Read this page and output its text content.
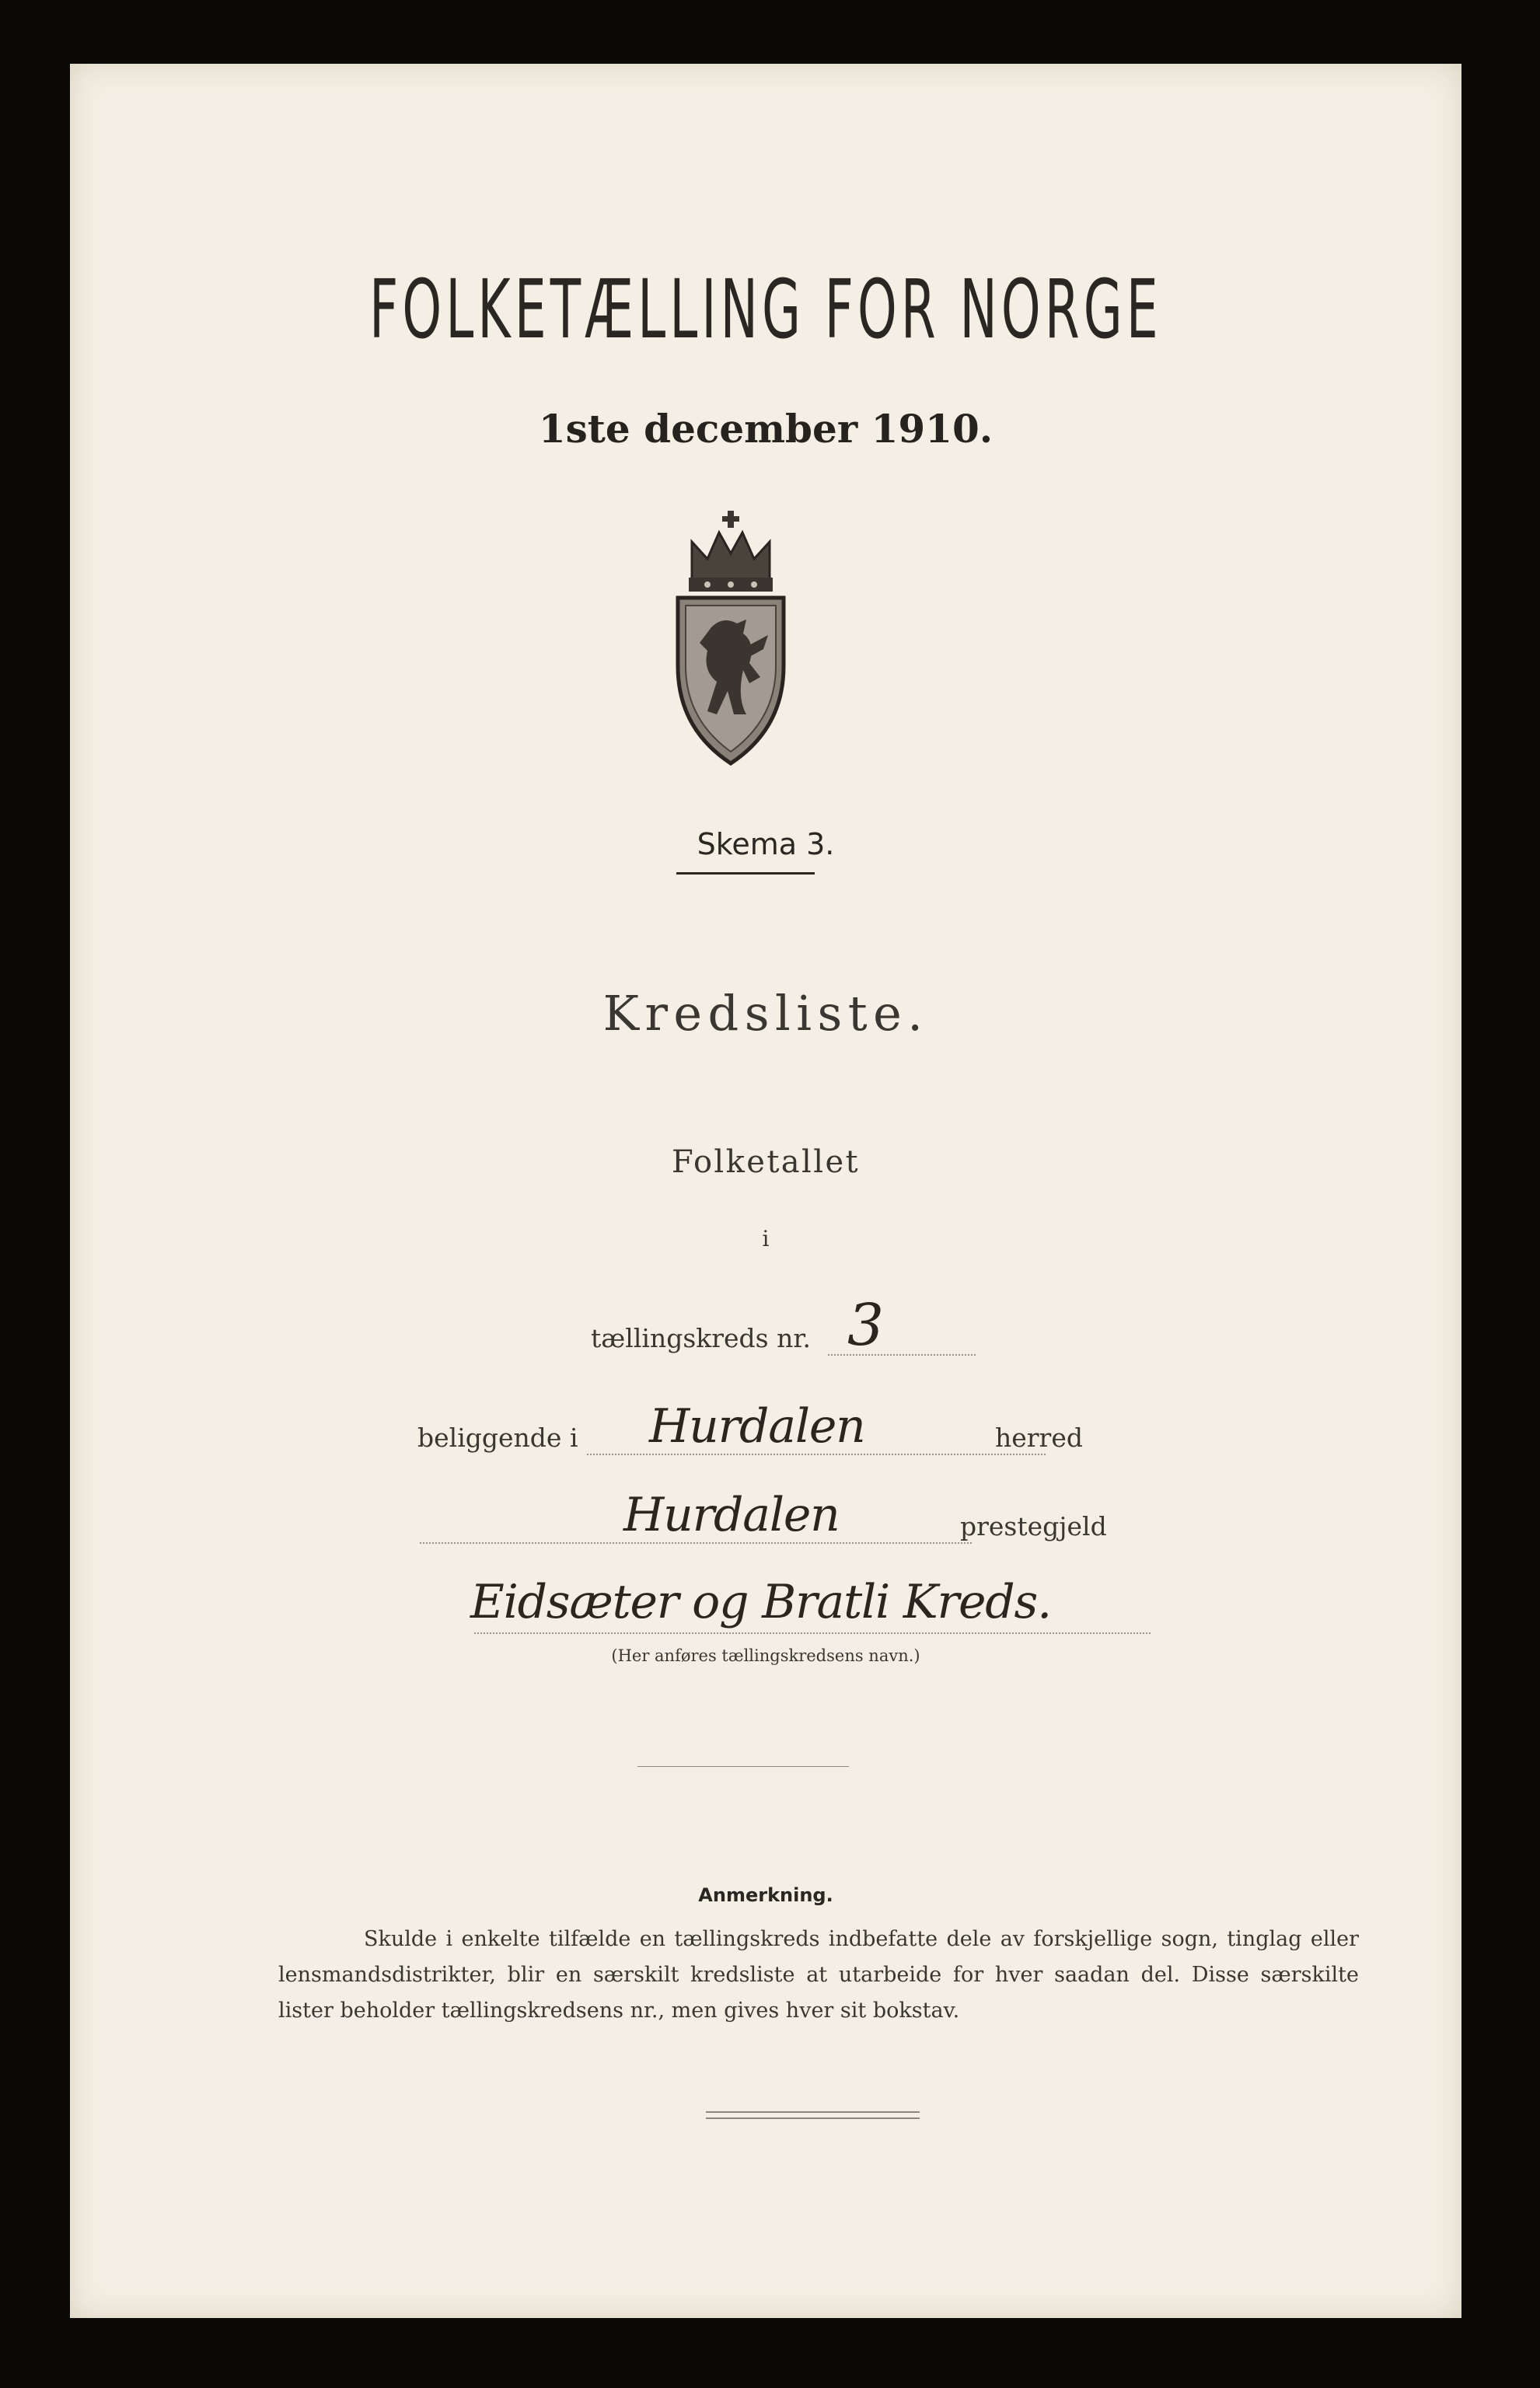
FOLKETÆLLING FOR NORGE
1ste december 1910.
Skema 3.
Kredsliste.
Folketallet
i
tællingskreds nr. 3
beliggende i Hurdalen	herred
Hurdalen	prestegjeld
Eidsæter og Bratli Kreds.
(Her anføres tællingskredsens navn.)
Anmerkning.
Skulde i enkelte tilfælde en tællingskreds indbefatte dele av forskjellige sogn, tinglag eller lensmandsdistrikter, blir en særskilt kredsliste at utarbeide for hver saadan del. Disse særskilte lister beholder tællingskredsens nr., men gives hver sit bokstav.
